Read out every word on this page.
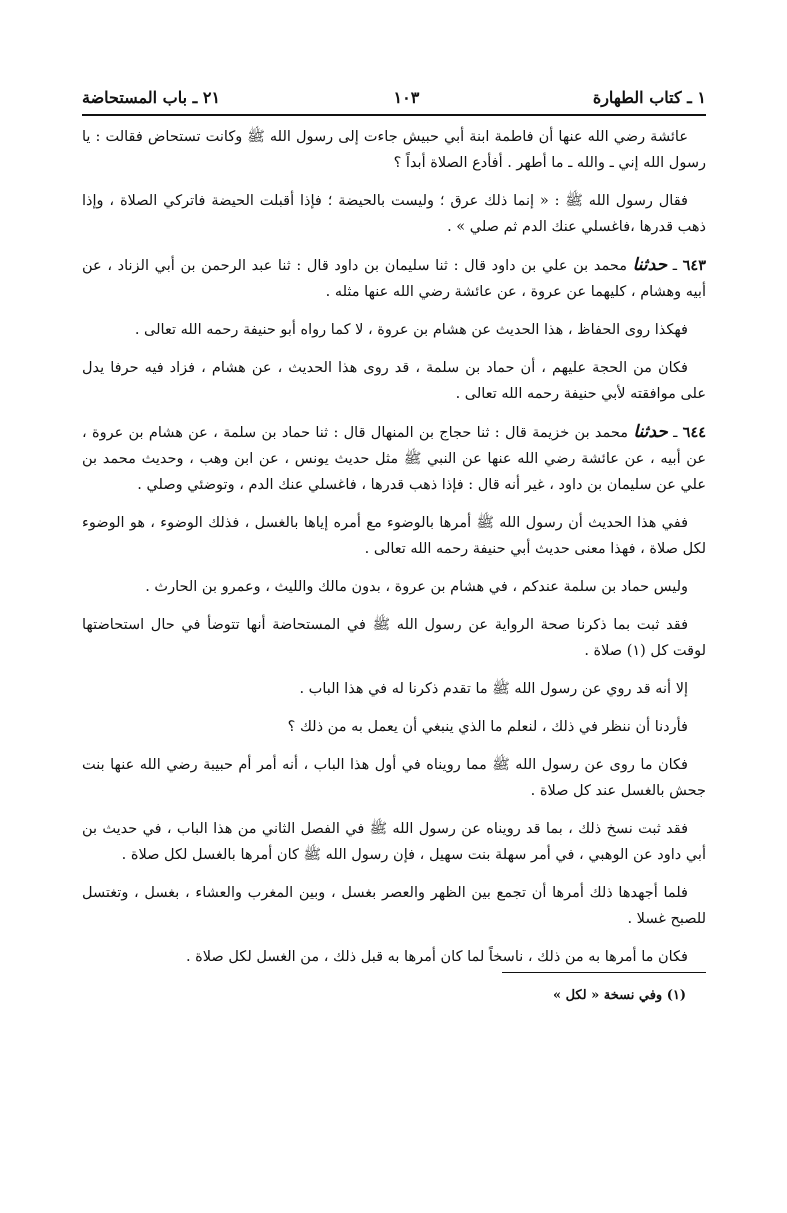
١ ـ كتاب الطهارة
١٠٣
٢١ ـ باب المستحاضة

عائشة رضي الله عنها أن فاطمة ابنة أبي حبيش جاءت إلى رسول الله ﷺ وكانت تستحاض فقالت : يا رسول الله إني ـ والله ـ ما أطهر . أفأدع الصلاة أبداً ؟

فقال رسول الله ﷺ : « إنما ذلك عرق ؛ وليست بالحيضة ؛ فإذا أقبلت الحيضة فاتركي الصلاة ، وإذا ذهب قدرها ،فاغسلي عنك الدم ثم صلي » .

٦٤٣ ـ حدثنا محمد بن علي بن داود قال : ثنا سليمان بن داود قال : ثنا عبد الرحمن بن أبي الزناد ، عن أبيه وهشام ، كليهما عن عروة ، عن عائشة رضي الله عنها مثله .

فهكذا روى الحفاظ ، هذا الحديث عن هشام بن عروة ، لا كما رواه أبو حنيفة رحمه الله تعالى .

فكان من الحجة عليهم ، أن حماد بن سلمة ، قد روى هذا الحديث ، عن هشام ، فزاد فيه حرفا يدل على موافقته لأبي حنيفة رحمه الله تعالى .

٦٤٤ ـ حدثنا محمد بن خزيمة قال : ثنا حجاج بن المنهال قال : ثنا حماد بن سلمة ، عن هشام بن عروة ، عن أبيه ، عن عائشة رضي الله عنها عن النبي ﷺ مثل حديث يونس ، عن ابن وهب ، وحديث محمد بن علي عن سليمان بن داود ، غير أنه قال : فإذا ذهب قدرها ، فاغسلي عنك الدم ، وتوضئي وصلي .

ففي هذا الحديث أن رسول الله ﷺ أمرها بالوضوء مع أمره إياها بالغسل ، فذلك الوضوء ، هو الوضوء لكل صلاة ، فهذا معنى حديث أبي حنيفة رحمه الله تعالى .

وليس حماد بن سلمة عندكم ، في هشام بن عروة ، بدون مالك والليث ، وعمرو بن الحارث .

فقد ثبت بما ذكرنا صحة الرواية عن رسول الله ﷺ في المستحاضة أنها تتوضأ في حال استحاضتها لوقت كل (١) صلاة .

إلا أنه قد روي عن رسول الله ﷺ ما تقدم ذكرنا له في هذا الباب .

فأردنا أن ننظر في ذلك ، لنعلم ما الذي ينبغي أن يعمل به من ذلك ؟

فكان ما روى عن رسول الله ﷺ مما رويناه في أول هذا الباب ، أنه أمر أم حبيبة رضي الله عنها بنت جحش بالغسل عند كل صلاة .

فقد ثبت نسخ ذلك ، بما قد رويناه عن رسول الله ﷺ في الفصل الثاني من هذا الباب ، في حديث بن أبي داود عن الوهبي ، في أمر سهلة بنت سهيل ، فإن رسول الله ﷺ كان أمرها بالغسل لكل صلاة .

فلما أجهدها ذلك أمرها أن تجمع بين الظهر والعصر بغسل ، وبين المغرب والعشاء ، بغسل ، وتغتسل للصبح غسلا .

فكان ما أمرها به من ذلك ، ناسخاً لما كان أمرها به قبل ذلك ، من الغسل لكل صلاة .

(١) وفي نسخة « لكل »
